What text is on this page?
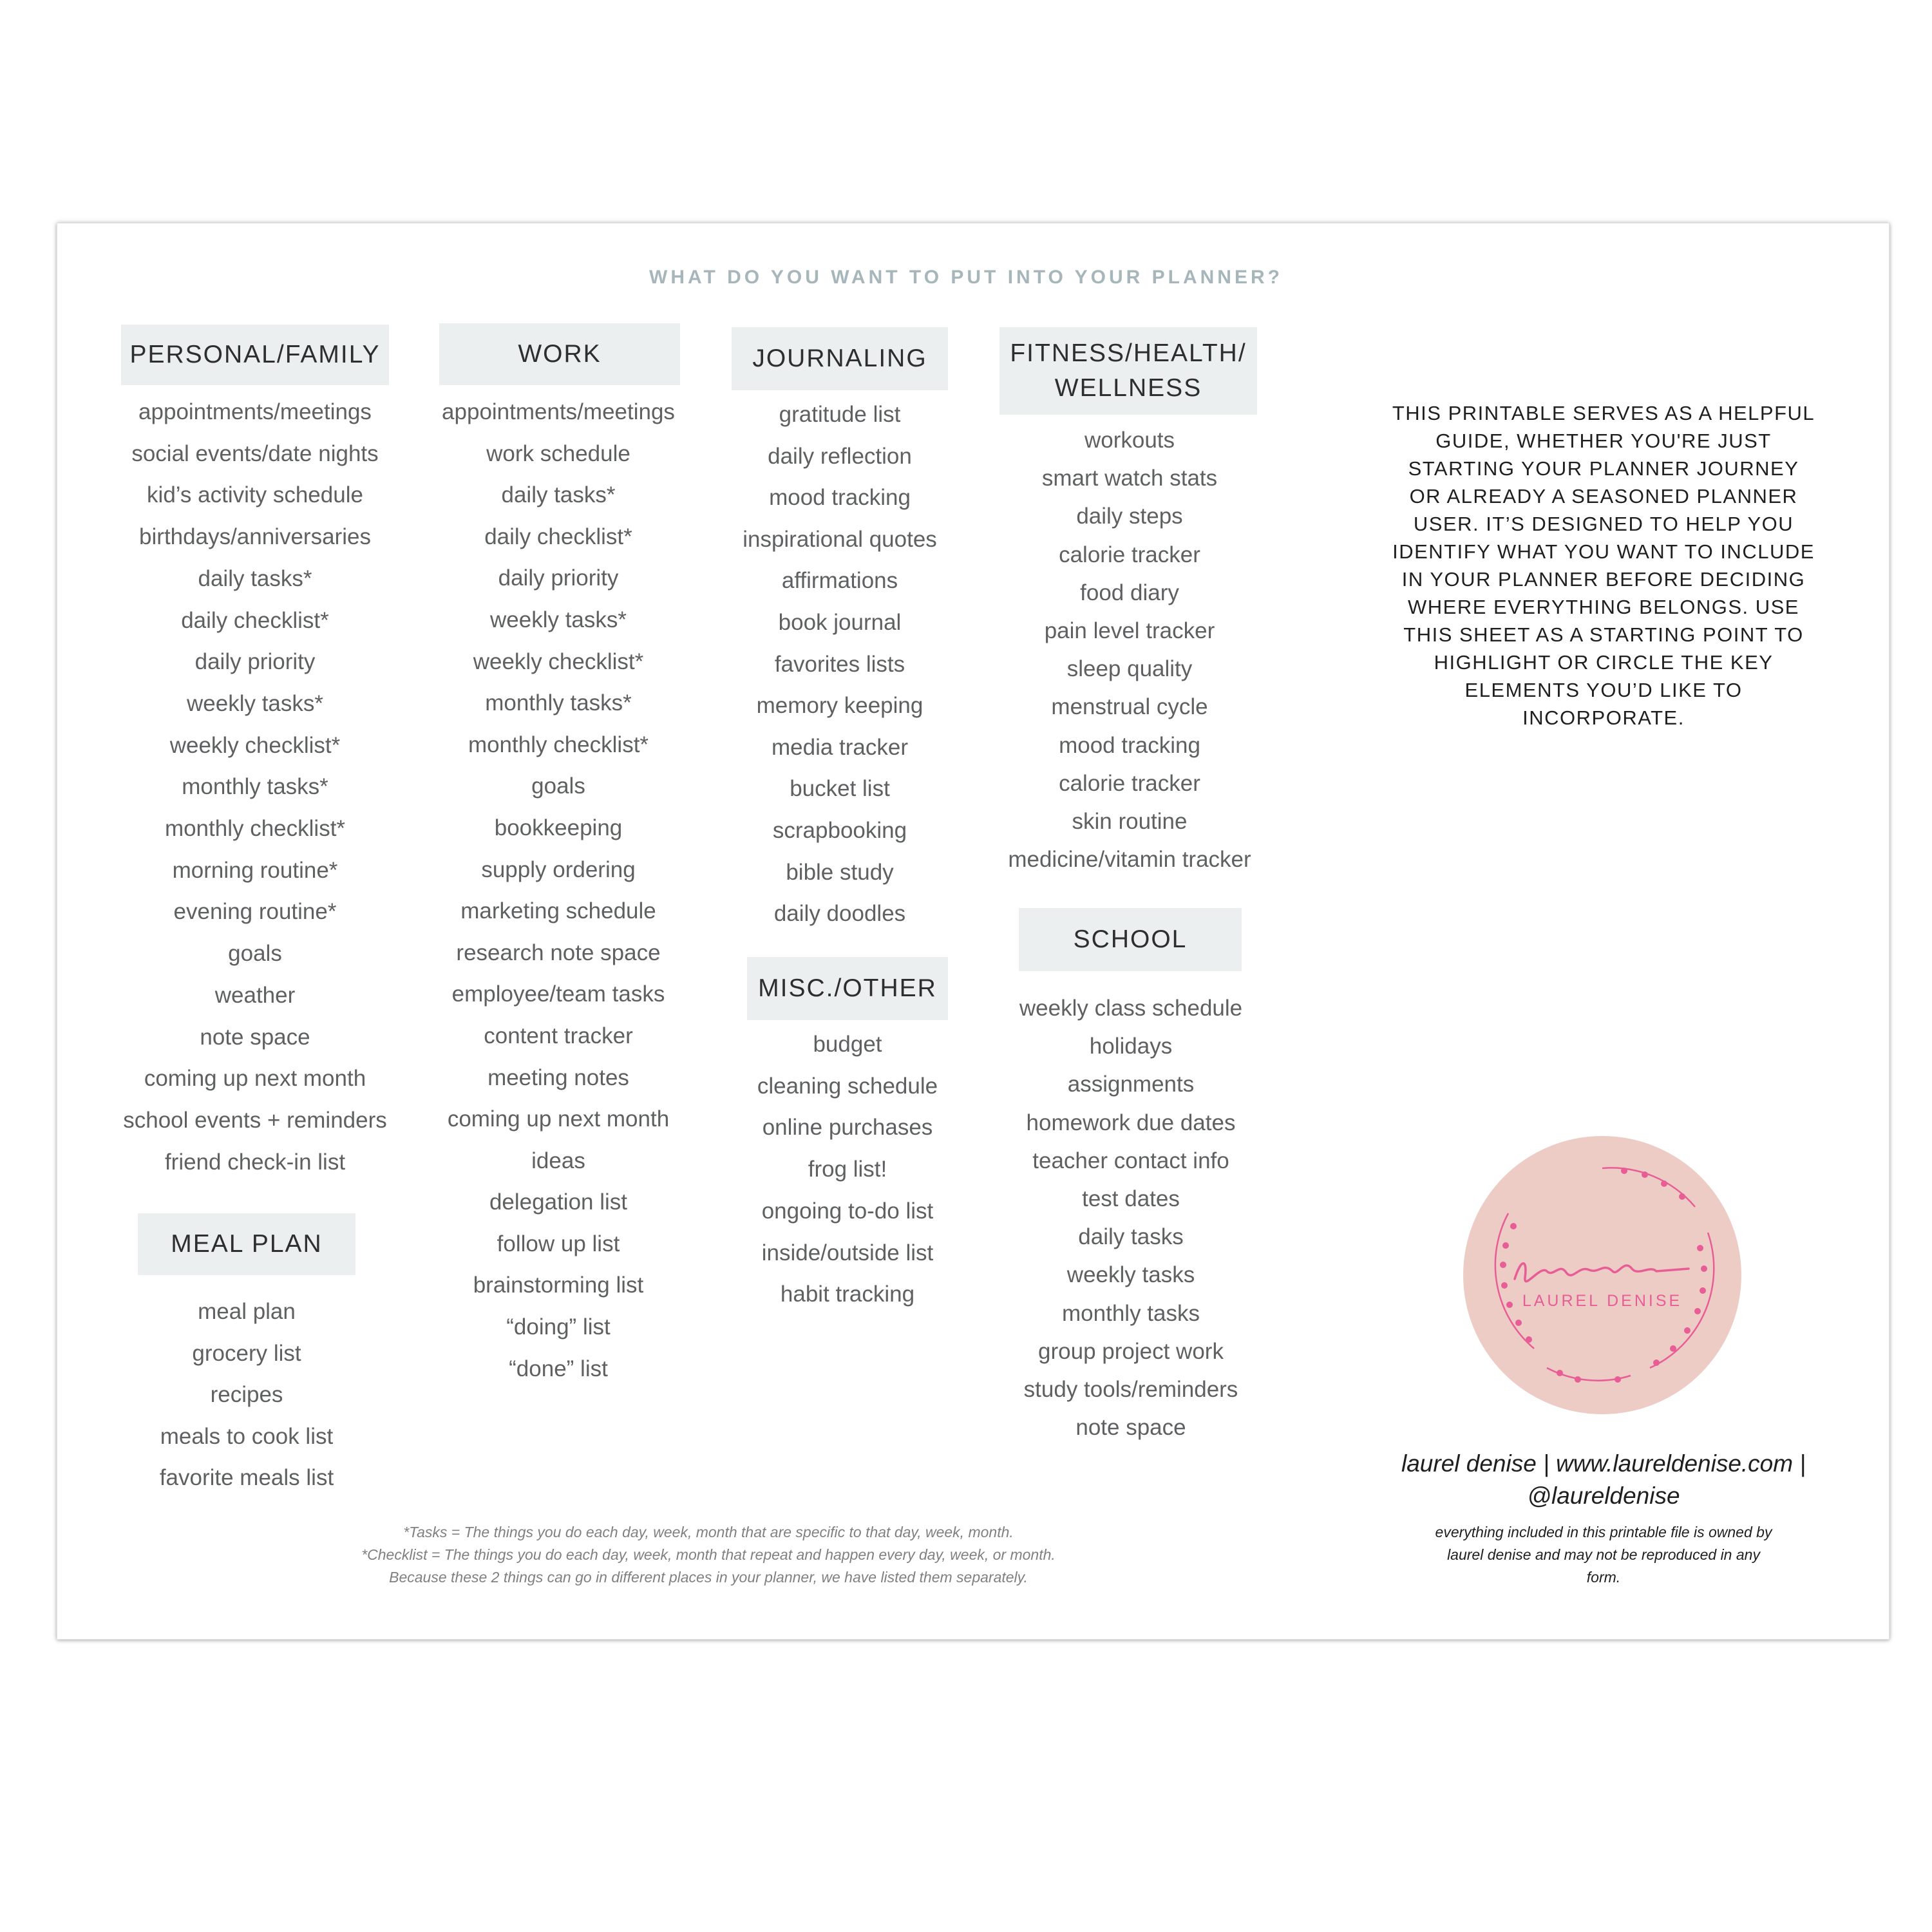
WHAT DO YOU WANT TO PUT INTO YOUR PLANNER?
PERSONAL/FAMILY
appointments/meetings
social events/date nights
kid’s activity schedule
birthdays/anniversaries
daily tasks*
daily checklist*
daily priority
weekly tasks*
weekly checklist*
monthly tasks*
monthly checklist*
morning routine*
evening routine*
goals
weather
note space
coming up next month
school events + reminders
friend check-in list
MEAL PLAN
meal plan
grocery list
recipes
meals to cook list
favorite meals list
WORK
appointments/meetings
work schedule
daily tasks*
daily checklist*
daily priority
weekly tasks*
weekly checklist*
monthly tasks*
monthly checklist*
goals
bookkeeping
supply ordering
marketing schedule
research note space
employee/team tasks
content tracker
meeting notes
coming up next month
ideas
delegation list
follow up list
brainstorming list
“doing” list
“done” list
JOURNALING
gratitude list
daily reflection
mood tracking
inspirational quotes
affirmations
book journal
favorites lists
memory keeping
media tracker
bucket list
scrapbooking
bible study
daily doodles
MISC./OTHER
budget
cleaning schedule
online purchases
frog list!
ongoing to-do list
inside/outside list
habit tracking
FITNESS/HEALTH/ WELLNESS
workouts
smart watch stats
daily steps
calorie tracker
food diary
pain level tracker
sleep quality
menstrual cycle
mood tracking
calorie tracker
skin routine
medicine/vitamin tracker
SCHOOL
weekly class schedule
holidays
assignments
homework due dates
teacher contact info
test dates
daily tasks
weekly tasks
monthly tasks
group project work
study tools/reminders
note space
THIS PRINTABLE SERVES AS A HELPFUL GUIDE, WHETHER YOU'RE JUST STARTING YOUR PLANNER JOURNEY OR ALREADY A SEASONED PLANNER USER. IT’S DESIGNED TO HELP YOU IDENTIFY WHAT YOU WANT TO INCLUDE IN YOUR PLANNER BEFORE DECIDING WHERE EVERYTHING BELONGS. USE THIS SHEET AS A STARTING POINT TO HIGHLIGHT OR CIRCLE THE KEY ELEMENTS YOU’D LIKE TO INCORPORATE.
*Tasks = The things you do each day, week, month that are specific to that day, week, month.
*Checklist = The things you do each day, week, month that repeat and happen every day, week, or month.
Because these 2 things can go in different places in your planner, we have listed them separately.
LAUREL DENISE
laurel denise | www.laureldenise.com |
@laureldenise
everything included in this printable file is owned by laurel denise and may not be reproduced in any form.
